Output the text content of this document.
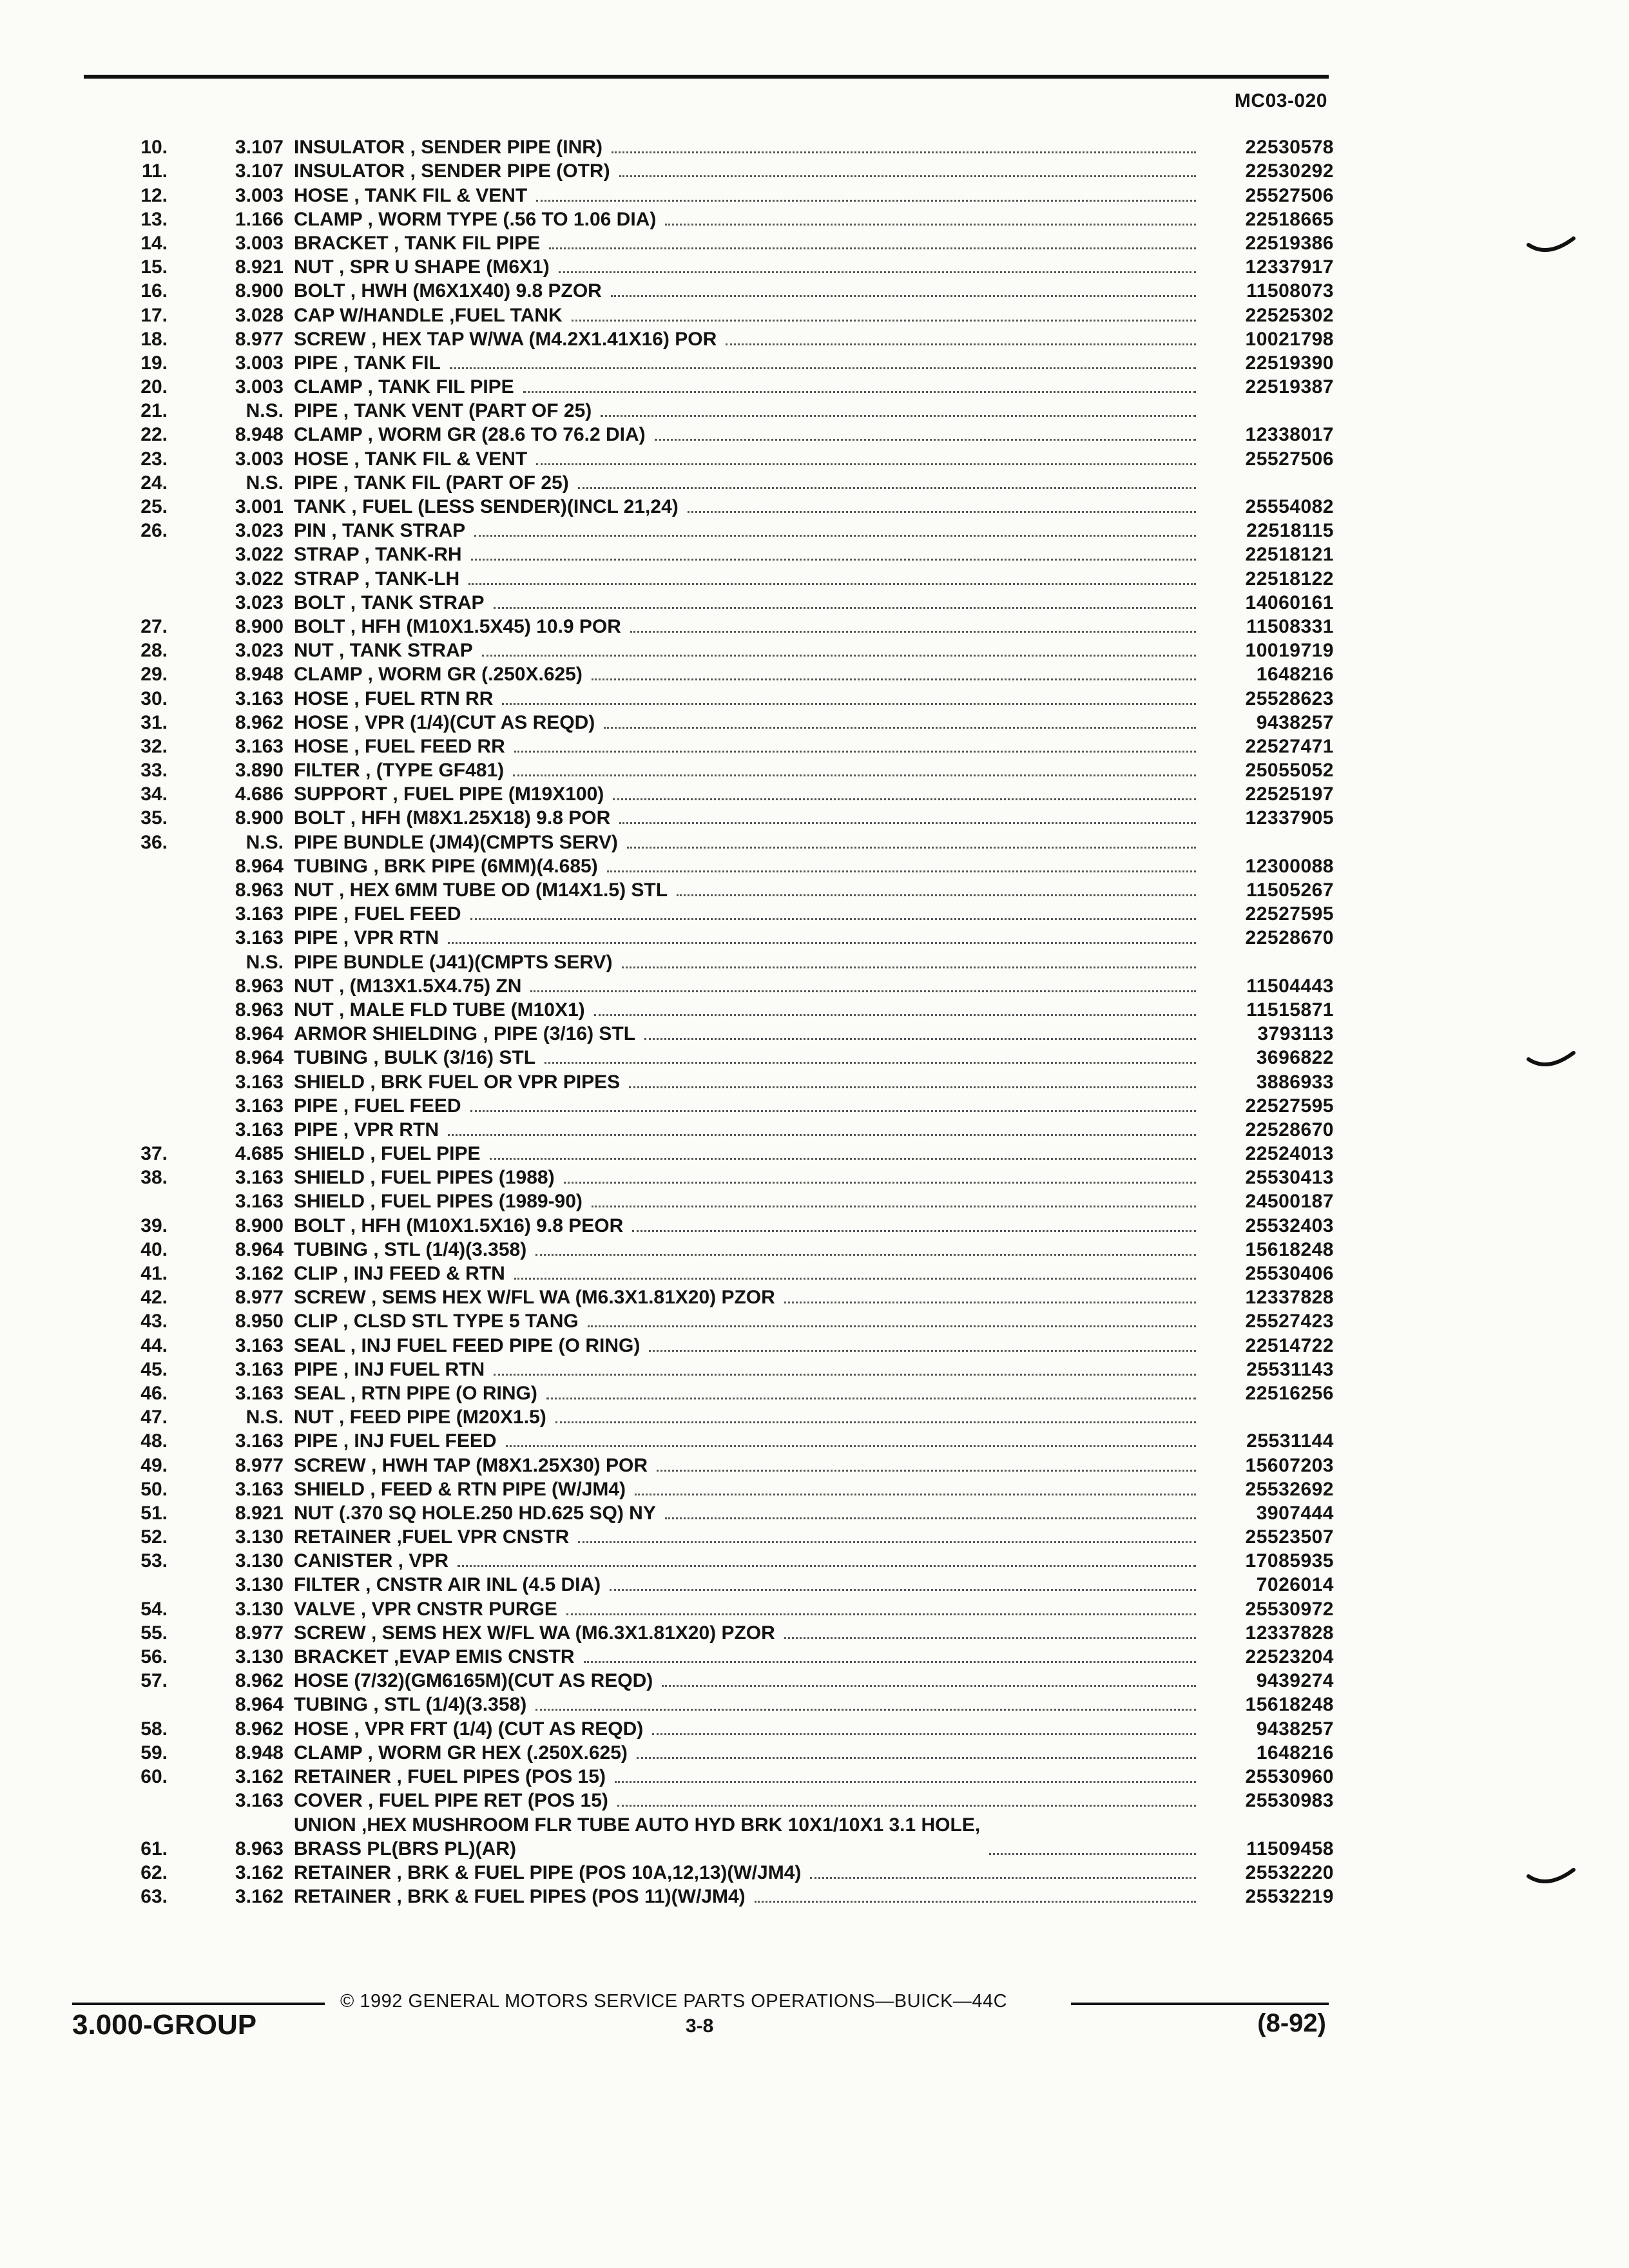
MC03-020
10.	3.107 INSULATOR , SENDER PIPE (INR)	22530578
11.	3.107 INSULATOR , SENDER PIPE (OTR)	22530292
12.	3.003 HOSE , TANK FIL & VENT	25527506
13.	1.166 CLAMP , WORM TYPE (.56 TO 1.06 DIA)	22518665
14.	3.003 BRACKET , TANK FIL PIPE	22519386
15.	8.921 NUT , SPR U SHAPE (M6X1)	12337917
16.	8.900 BOLT , HWH (M6X1X40) 9.8 PZOR	11508073
17.	3.028 CAP W/HANDLE ,FUEL TANK	22525302
18.	8.977 SCREW , HEX TAP W/WA (M4.2X1.41X16) POR	10021798
19.	3.003 PIPE , TANK FIL	22519390
20.	3.003 CLAMP , TANK FIL PIPE	22519387
21.	N.S. PIPE , TANK VENT (PART OF 25)
22.	8.948 CLAMP , WORM GR (28.6 TO 76.2 DIA)	12338017
23.	3.003 HOSE , TANK FIL & VENT	25527506
24.	N.S. PIPE , TANK FIL (PART OF 25)
25.	3.001 TANK , FUEL (LESS SENDER)(INCL 21,24)	25554082
26.	3.023 PIN , TANK STRAP	22518115
3.022 STRAP , TANK-RH	22518121
3.022 STRAP , TANK-LH	22518122
3.023 BOLT , TANK STRAP	14060161
27.	8.900 BOLT , HFH (M10X1.5X45) 10.9 POR	11508331
28.	3.023 NUT , TANK STRAP	10019719
29.	8.948 CLAMP , WORM GR (.250X.625)	1648216
30.	3.163 HOSE , FUEL RTN RR	25528623
31.	8.962 HOSE , VPR (1/4)(CUT AS REQD)	9438257
32.	3.163 HOSE , FUEL FEED RR	22527471
33.	3.890 FILTER , (TYPE GF481)	25055052
34.	4.686 SUPPORT , FUEL PIPE (M19X100)	22525197
35.	8.900 BOLT , HFH (M8X1.25X18) 9.8 POR	12337905
36.	N.S. PIPE BUNDLE (JM4)(CMPTS SERV)
8.964 TUBING , BRK PIPE (6MM)(4.685)	12300088
8.963 NUT , HEX 6MM TUBE OD (M14X1.5) STL	11505267
3.163 PIPE , FUEL FEED	22527595
3.163 PIPE , VPR RTN	22528670
N.S. PIPE BUNDLE (J41)(CMPTS SERV)
8.963 NUT , (M13X1.5X4.75) ZN	11504443
8.963 NUT , MALE FLD TUBE (M10X1)	11515871
8.964 ARMOR SHIELDING , PIPE (3/16) STL	3793113
8.964 TUBING , BULK (3/16) STL	3696822
3.163 SHIELD , BRK FUEL OR VPR PIPES	3886933
3.163 PIPE , FUEL FEED	22527595
3.163 PIPE , VPR RTN	22528670
37.	4.685 SHIELD , FUEL PIPE	22524013
38.	3.163 SHIELD , FUEL PIPES (1988)	25530413
3.163 SHIELD , FUEL PIPES (1989-90)	24500187
39.	8.900 BOLT , HFH (M10X1.5X16) 9.8 PEOR	25532403
40.	8.964 TUBING , STL (1/4)(3.358)	15618248
41.	3.162 CLIP , INJ FEED & RTN	25530406
42.	8.977 SCREW , SEMS HEX W/FL WA (M6.3X1.81X20) PZOR	12337828
43.	8.950 CLIP , CLSD STL TYPE 5 TANG	25527423
44.	3.163 SEAL , INJ FUEL FEED PIPE (O RING)	22514722
45.	3.163 PIPE , INJ FUEL RTN	25531143
46.	3.163 SEAL , RTN PIPE (O RING)	22516256
47.	N.S. NUT , FEED PIPE (M20X1.5)
48.	3.163 PIPE , INJ FUEL FEED	25531144
49.	8.977 SCREW , HWH TAP (M8X1.25X30) POR	15607203
50.	3.163 SHIELD , FEED & RTN PIPE (W/JM4)	25532692
51.	8.921 NUT (.370 SQ HOLE.250 HD.625 SQ) NY	3907444
52.	3.130 RETAINER ,FUEL VPR CNSTR	25523507
53.	3.130 CANISTER , VPR	17085935
3.130 FILTER , CNSTR AIR INL (4.5 DIA)	7026014
54.	3.130 VALVE , VPR CNSTR PURGE	25530972
55.	8.977 SCREW , SEMS HEX W/FL WA (M6.3X1.81X20) PZOR	12337828
56.	3.130 BRACKET ,EVAP EMIS CNSTR	22523204
57.	8.962 HOSE (7/32)(GM6165M)(CUT AS REQD)	9439274
8.964 TUBING , STL (1/4)(3.358)	15618248
58.	8.962 HOSE , VPR FRT (1/4) (CUT AS REQD)	9438257
59.	8.948 CLAMP , WORM GR HEX (.250X.625)	1648216
60.	3.162 RETAINER , FUEL PIPES (POS 15)	25530960
3.163 COVER , FUEL PIPE RET (POS 15)	25530983
61.	8.963
UNION ,HEX MUSHROOM FLR TUBE AUTO HYD BRK 10X1/10X1 3.1 HOLE,
BRASS PL(BRS PL)(AR)	11509458
62.	3.162 RETAINER , BRK & FUEL PIPE (POS 10A,12,13)(W/JM4)	25532220
63.	3.162 RETAINER , BRK & FUEL PIPES (POS 11)(W/JM4)	25532219
© 1992 GENERAL MOTORS SERVICE PARTS OPERATIONS—BUICK—44C
3.000-GROUP	3-8	(8-92)
